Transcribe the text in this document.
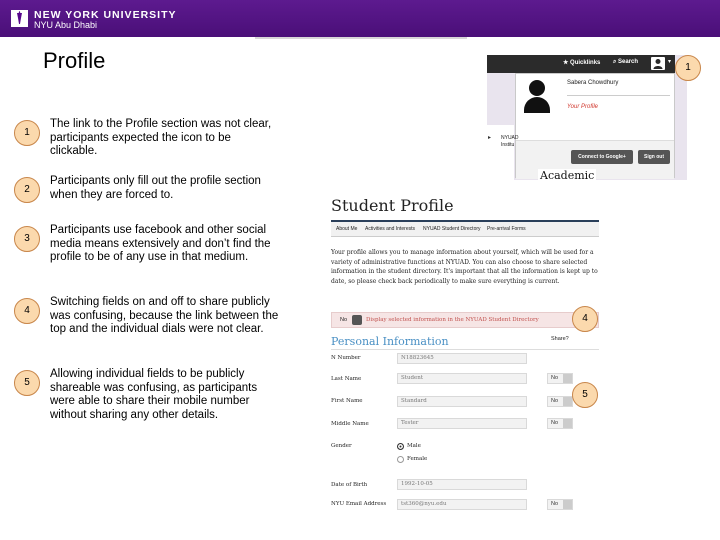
NEW YORK UNIVERSITY
NYU Abu Dhabi
Profile
1
The link to the Profile section was not clear, participants expected the icon to be clickable.
2
Participants only fill out the profile section when they are forced to.
3
Participants use facebook and other social media means extensively and don’t find the profile to be of any use in that medium.
4
Switching fields on and off to share publicly was confusing, because the link between the top and the individual dials were not clear.
5
Allowing individual fields to be publicly shareable was confusing, as participants were able to share their mobile number without sharing any other details.
★ Quicklinks ⌕ Search	▾
Sabera Chowdhury
Your Profile
Connect to Google+	Sign out
▸ NYUAD
Institu
Academic
1
Student Profile
About Me Activities and Interests NYUAD Student Directory Pre-arrival Forms
Your profile allows you to manage information about yourself, which will be used for a variety of administrative functions at NYUAD. You can also choose to share selected information in the student directory. It's important that all the information is kept up to date, so please check back periodically to make sure everything is current.
No	Display selected information in the NYUAD Student Directory
Personal Information	Share?
N Number	N18823645
Last Name	Student	No
First Name	Standard	No
Middle Name	Tester	No
Gender	Male
Female
Date of Birth	1992-10-05
NYU Email Address	tst360@nyu.edu	No
4
5
